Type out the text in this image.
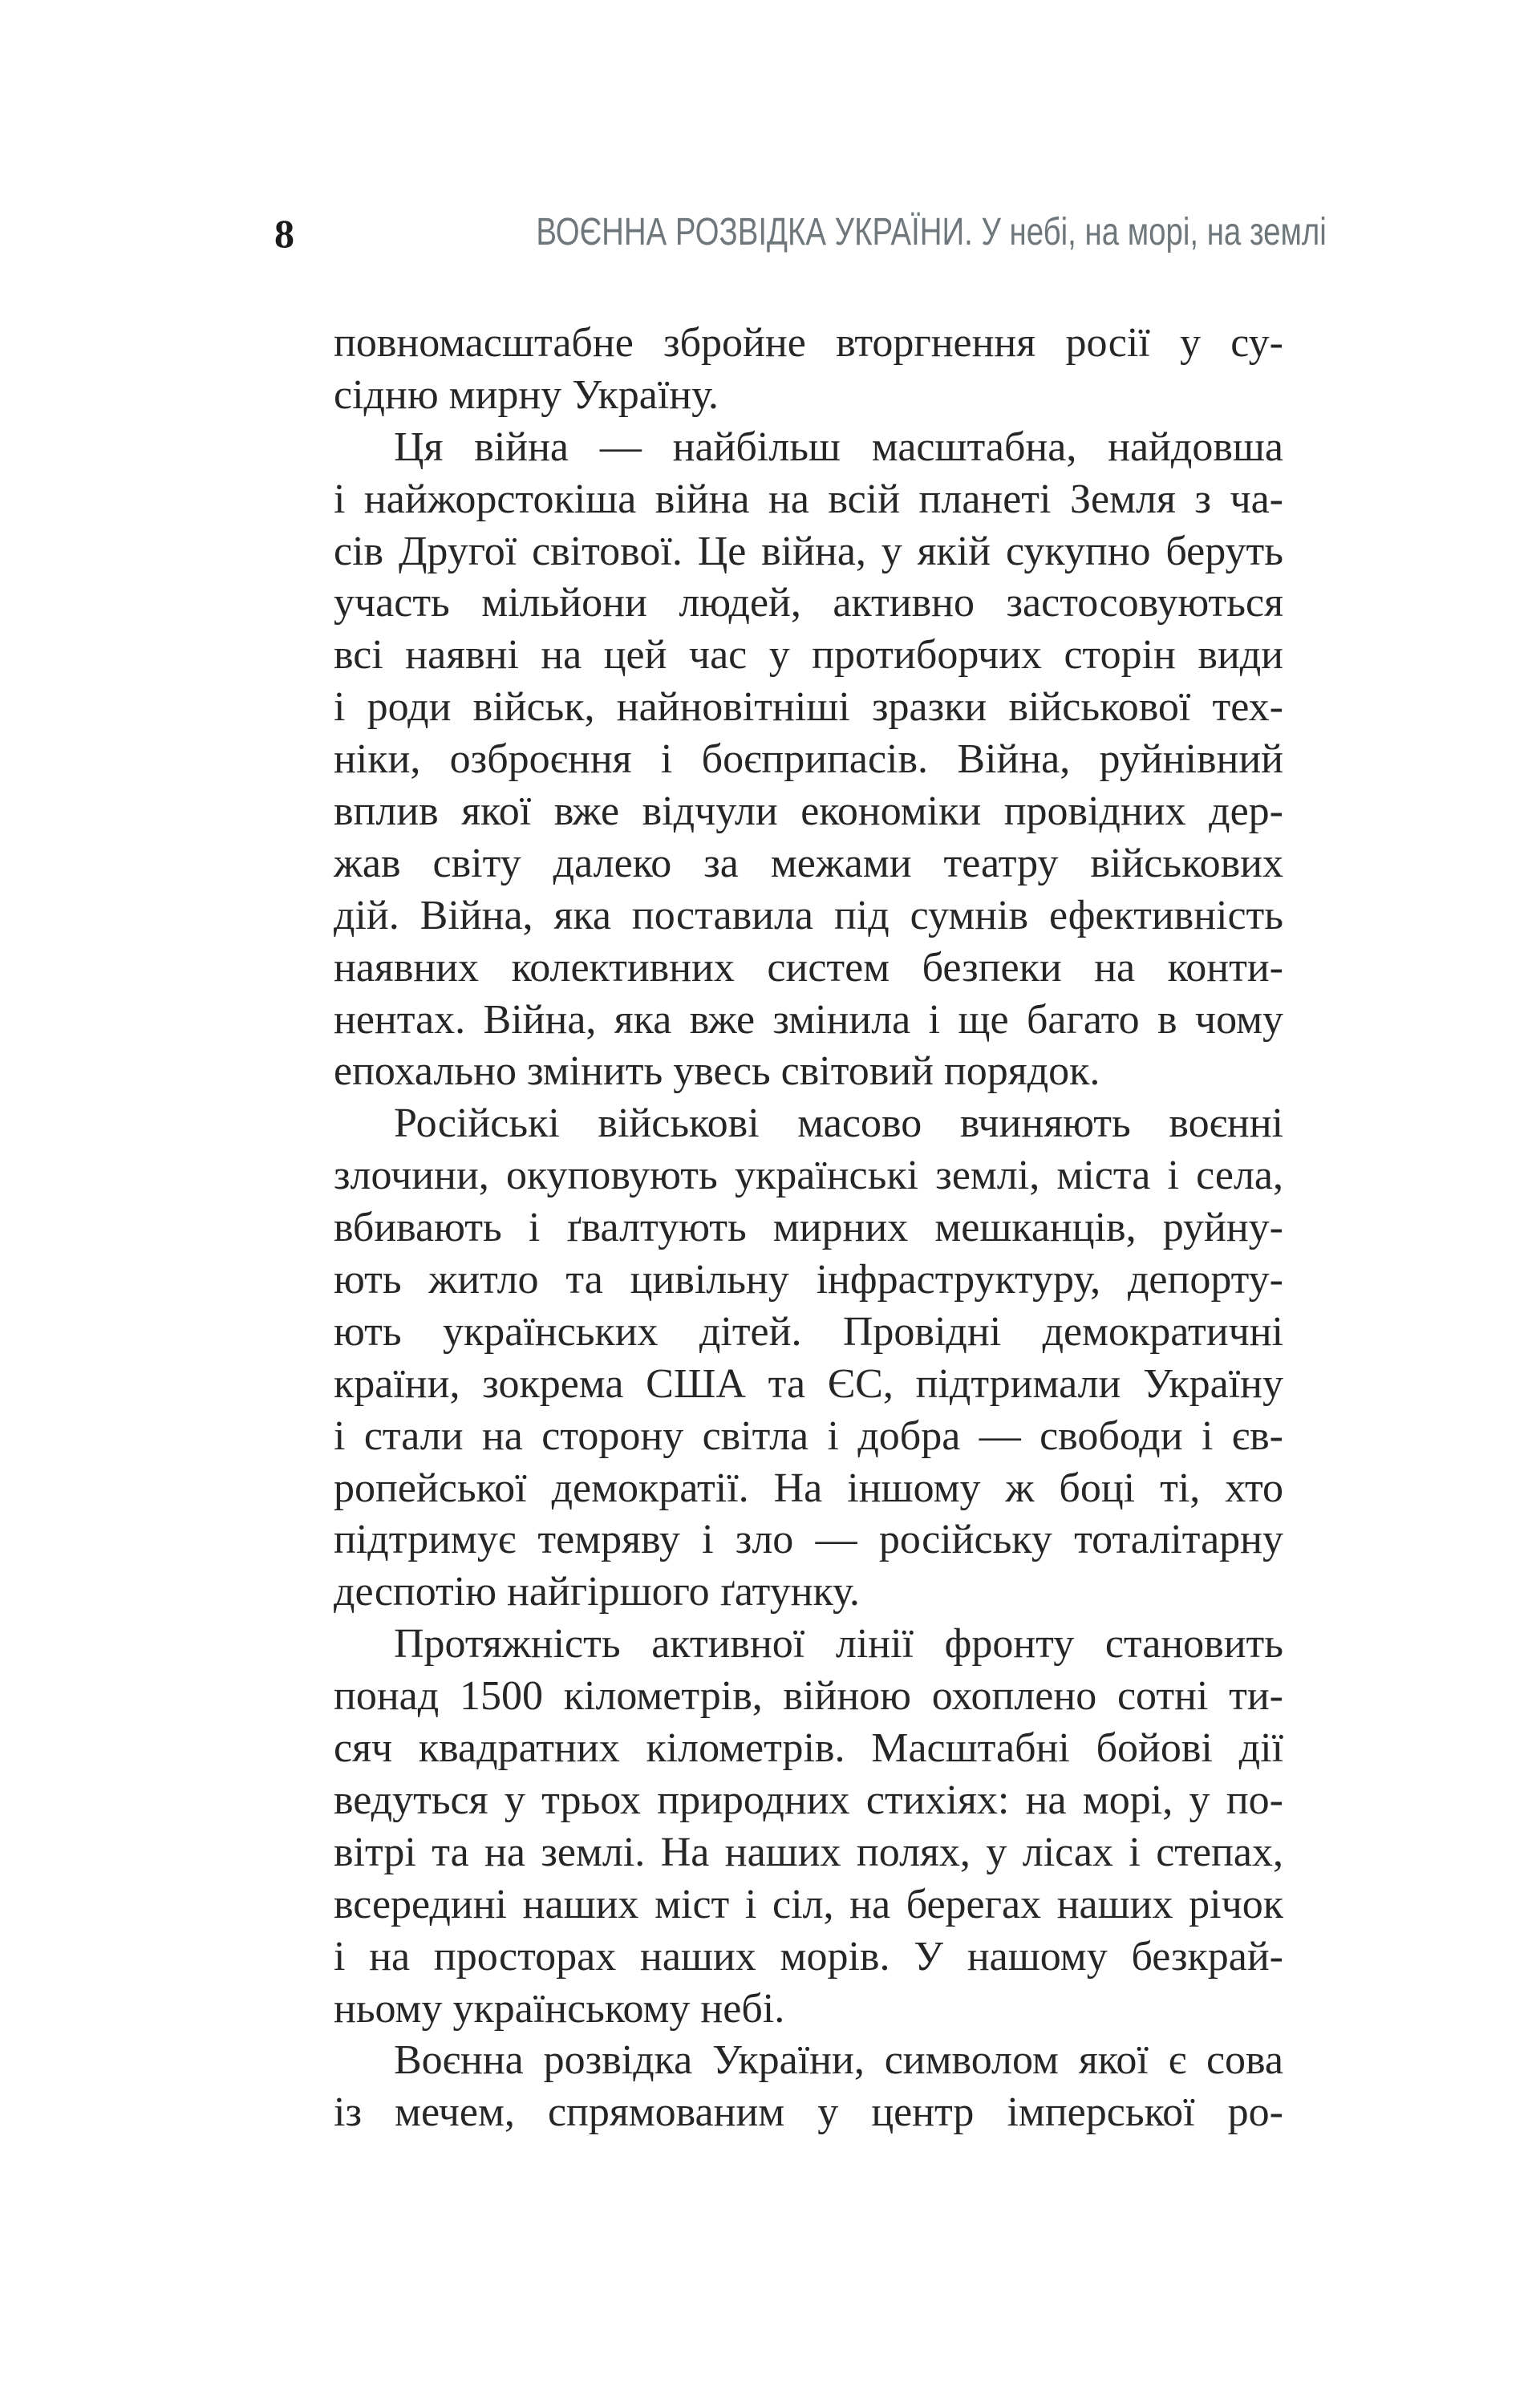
8	ВОЄННА РОЗВІДКА УКРАЇНИ. У небі, на морі, на землі
повномасштабне збройне вторгнення росії у су-
сідню мирну Україну.
Ця війна — найбільш масштабна, найдовша
і найжорстокіша війна на всій планеті Земля з ча-
сів Другої світової. Це війна, у якій сукупно беруть
участь мільйони людей, активно застосовуються
всі наявні на цей час у протиборчих сторін види
і роди військ, найновітніші зразки військової тех-
ніки, озброєння і боєприпасів. Війна, руйнівний
вплив якої вже відчули економіки провідних дер-
жав світу далеко за межами театру військових
дій. Війна, яка поставила під сумнів ефективність
наявних колективних систем безпеки на конти-
нентах. Війна, яка вже змінила і ще багато в чому
епохально змінить увесь світовий порядок.
Російські військові масово вчиняють воєнні
злочини, окуповують українські землі, міста і села,
вбивають і ґвалтують мирних мешканців, руйну-
ють житло та цивільну інфраструктуру, депорту-
ють українських дітей. Провідні демократичні
країни, зокрема США та ЄС, підтримали Україну
і стали на сторону світла і добра — свободи і єв-
ропейської демократії. На іншому ж боці ті, хто
підтримує темряву і зло — російську тоталітарну
деспотію найгіршого ґатунку.
Протяжність активної лінії фронту становить
понад 1500 кілометрів, війною охоплено сотні ти-
сяч квадратних кілометрів. Масштабні бойові дії
ведуться у трьох природних стихіях: на морі, у по-
вітрі та на землі. На наших полях, у лісах і степах,
всередині наших міст і сіл, на берегах наших річок
і на просторах наших морів. У нашому безкрай-
ньому українському небі.
Воєнна розвідка України, символом якої є сова
із мечем, спрямованим у центр імперської ро-
